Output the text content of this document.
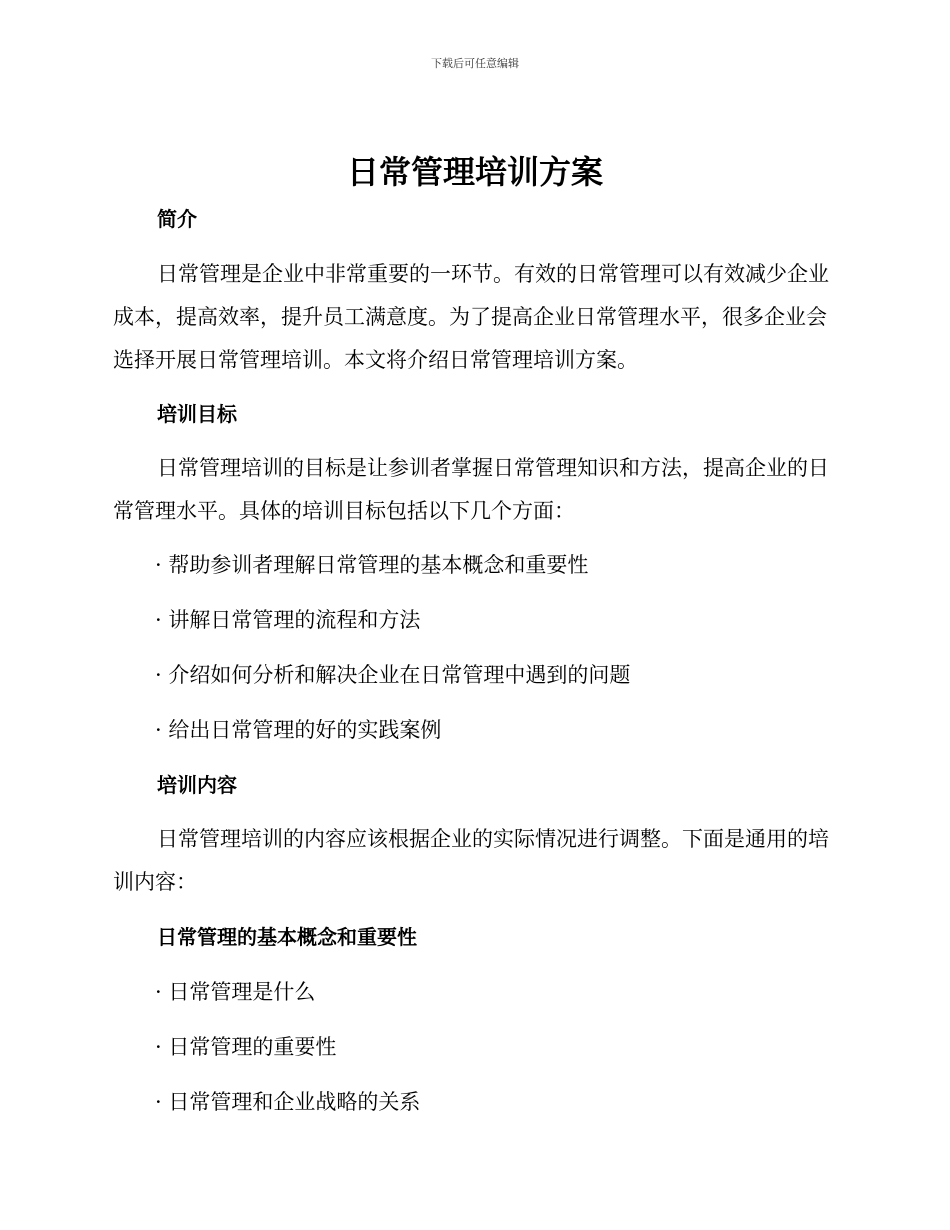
下载后可任意编辑
日常管理培训方案
简介

日常管理是企业中非常重要的一环节。有效的日常管理可以有效减少企业成本，提高效率，提升员工满意度。为了提高企业日常管理水平，很多企业会选择开展日常管理培训。本文将介绍日常管理培训方案。

培训目标

日常管理培训的目标是让参训者掌握日常管理知识和方法，提高企业的日常管理水平。具体的培训目标包括以下几个方面：

· 帮助参训者理解日常管理的基本概念和重要性

· 讲解日常管理的流程和方法

· 介绍如何分析和解决企业在日常管理中遇到的问题

· 给出日常管理的好的实践案例

培训内容

日常管理培训的内容应该根据企业的实际情况进行调整。下面是通用的培训内容：

日常管理的基本概念和重要性

· 日常管理是什么

· 日常管理的重要性

· 日常管理和企业战略的关系
